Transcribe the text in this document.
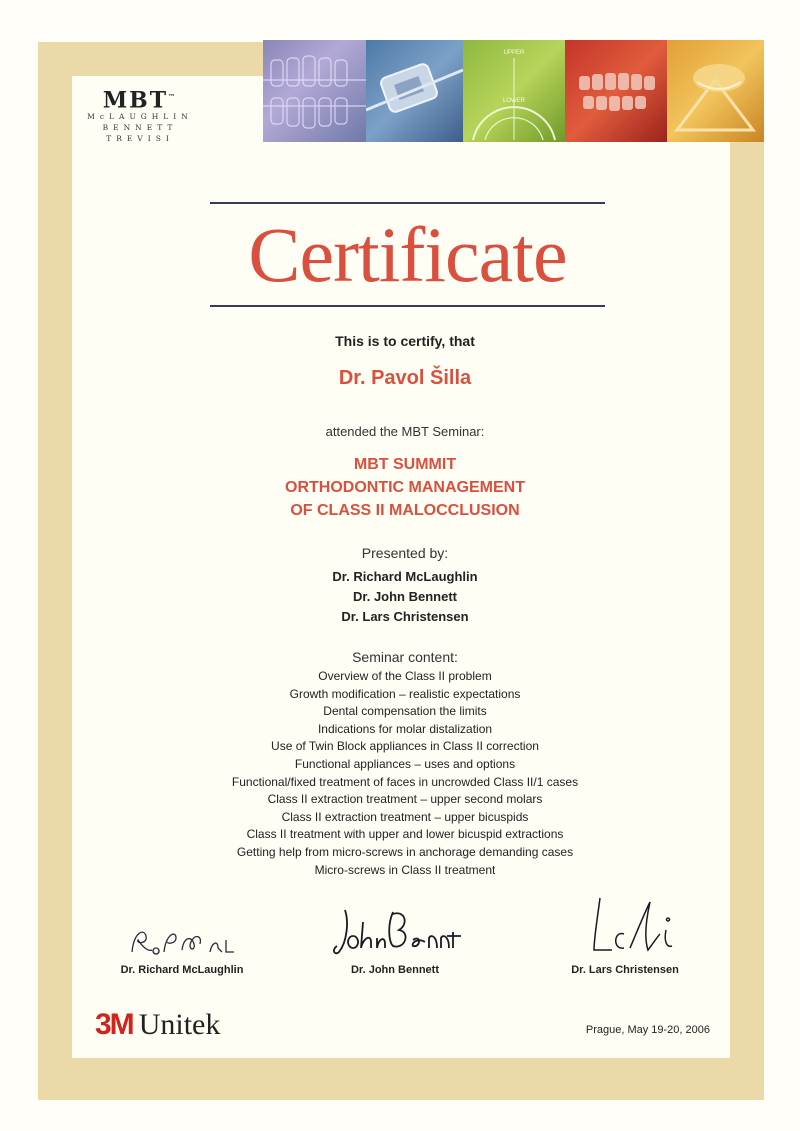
UPPER
LOWER
MBT™
McLAUGHLIN
BENNETT
TREVISI
Certificate
This is to certify, that
Dr. Pavol Šilla
attended the MBT Seminar:
MBT SUMMIT
ORTHODONTIC MANAGEMENT
OF CLASS II MALOCCLUSION
Presented by:
Dr. Richard McLaughlin
Dr. John Bennett
Dr. Lars Christensen
Seminar content:
Overview of the Class II problem
Growth modification – realistic expectations
Dental compensation the limits
Indications for molar distalization
Use of Twin Block appliances in Class II correction
Functional appliances – uses and options
Functional/fixed treatment of faces in uncrowded Class II/1 cases
Class II extraction treatment – upper second molars
Class II extraction treatment – upper bicuspids
Class II treatment with upper and lower bicuspid extractions
Getting help from micro-screws in anchorage demanding cases
Micro-screws in Class II treatment
Dr. Richard McLaughlin	Dr. John Bennett	Dr. Lars Christensen
3M Unitek	Prague, May 19-20, 2006
